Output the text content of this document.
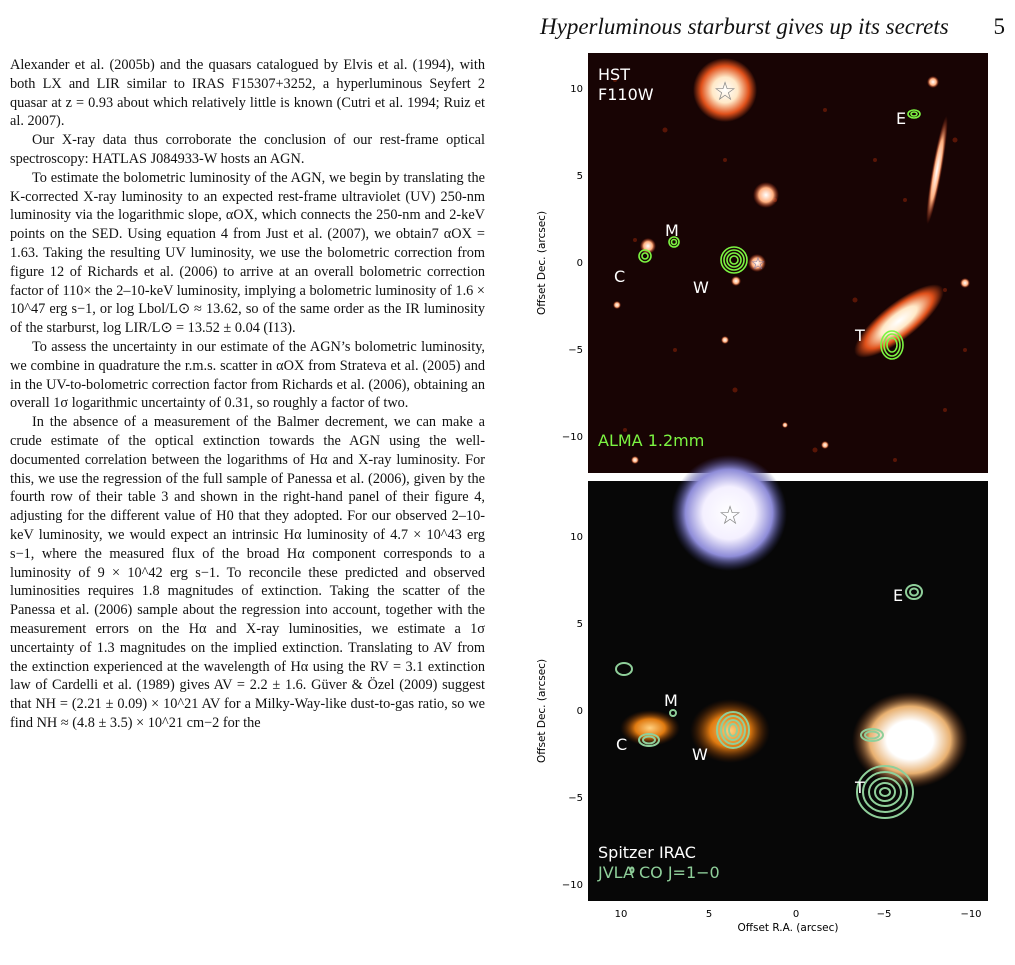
Hyperluminous starburst gives up its secrets 5

Alexander et al. (2005b) and the quasars catalogued by Elvis et al. (1994), with both LX and LIR similar to IRAS F15307+3252, a hyperluminous Seyfert 2 quasar at z = 0.93 about which relatively little is known (Cutri et al. 1994; Ruiz et al. 2007).

Our X-ray data thus corroborate the conclusion of our rest-frame optical spectroscopy: HATLAS J084933-W hosts an AGN.

To estimate the bolometric luminosity of the AGN, we begin by translating the K-corrected X-ray luminosity to an expected rest-frame ultraviolet (UV) 250-nm luminosity via the logarithmic slope, αOX, which connects the 250-nm and 2-keV points on the SED. Using equation 4 from Just et al. (2007), we obtain7 αOX = 1.63. Taking the resulting UV luminosity, we use the bolometric correction from figure 12 of Richards et al. (2006) to arrive at an overall bolometric correction factor of 110× the 2–10-keV luminosity, implying a bolometric luminosity of 1.6 × 10^47 erg s−1, or log Lbol/L⊙ ≈ 13.62, so of the same order as the IR luminosity of the starburst, log LIR/L⊙ = 13.52 ± 0.04 (I13).

To assess the uncertainty in our estimate of the AGN’s bolometric luminosity, we combine in quadrature the r.m.s. scatter in αOX from Strateva et al. (2005) and in the UV-to-bolometric correction factor from Richards et al. (2006), obtaining an overall 1σ logarithmic uncertainty of 0.31, so roughly a factor of two.

In the absence of a measurement of the Balmer decrement, we can make a crude estimate of the optical extinction towards the AGN using the well-documented correlation between the logarithms of Hα and X-ray luminosity. For this, we use the regression of the full sample of Panessa et al. (2006), given by the fourth row of their table 3 and shown in the right-hand panel of their figure 4, adjusting for the different value of H0 that they adopted. For our observed 2–10-keV luminosity, we would expect an intrinsic Hα luminosity of 4.7 × 10^43 erg s−1, where the measured flux of the broad Hα component corresponds to a luminosity of 9 × 10^42 erg s−1. To reconcile these predicted and observed luminosities requires 1.8 magnitudes of extinction. Taking the scatter of the Panessa et al. (2006) sample about the regression into account, together with the measurement errors on the Hα and X-ray luminosities, we estimate a 1σ uncertainty of 1.3 magnitudes on the implied extinction. Translating to AV from the extinction experienced at the wavelength of Hα using the RV = 3.1 extinction law of Cardelli et al. (1989) gives AV = 2.2 ± 1.6. Güver & Özel (2009) suggest that NH = (2.21 ± 0.09) × 10^21 AV for a Milky-Way-like dust-to-gas ratio, so we find NH ≈ (4.8 ± 3.5) × 10^21 cm−2 for the

☆
☆
HST
F110W
ALMA 1.2mm
E
M
C
W
T
10
5
0
−5
−10
Offset Dec. (arcsec)
☆
Spitzer IRAC
JVLA CO J=1−0
E
M
C
W
T
10
5
0
−5
−10
Offset Dec. (arcsec)
10	5	0	−5	−10
Offset R.A. (arcsec)
